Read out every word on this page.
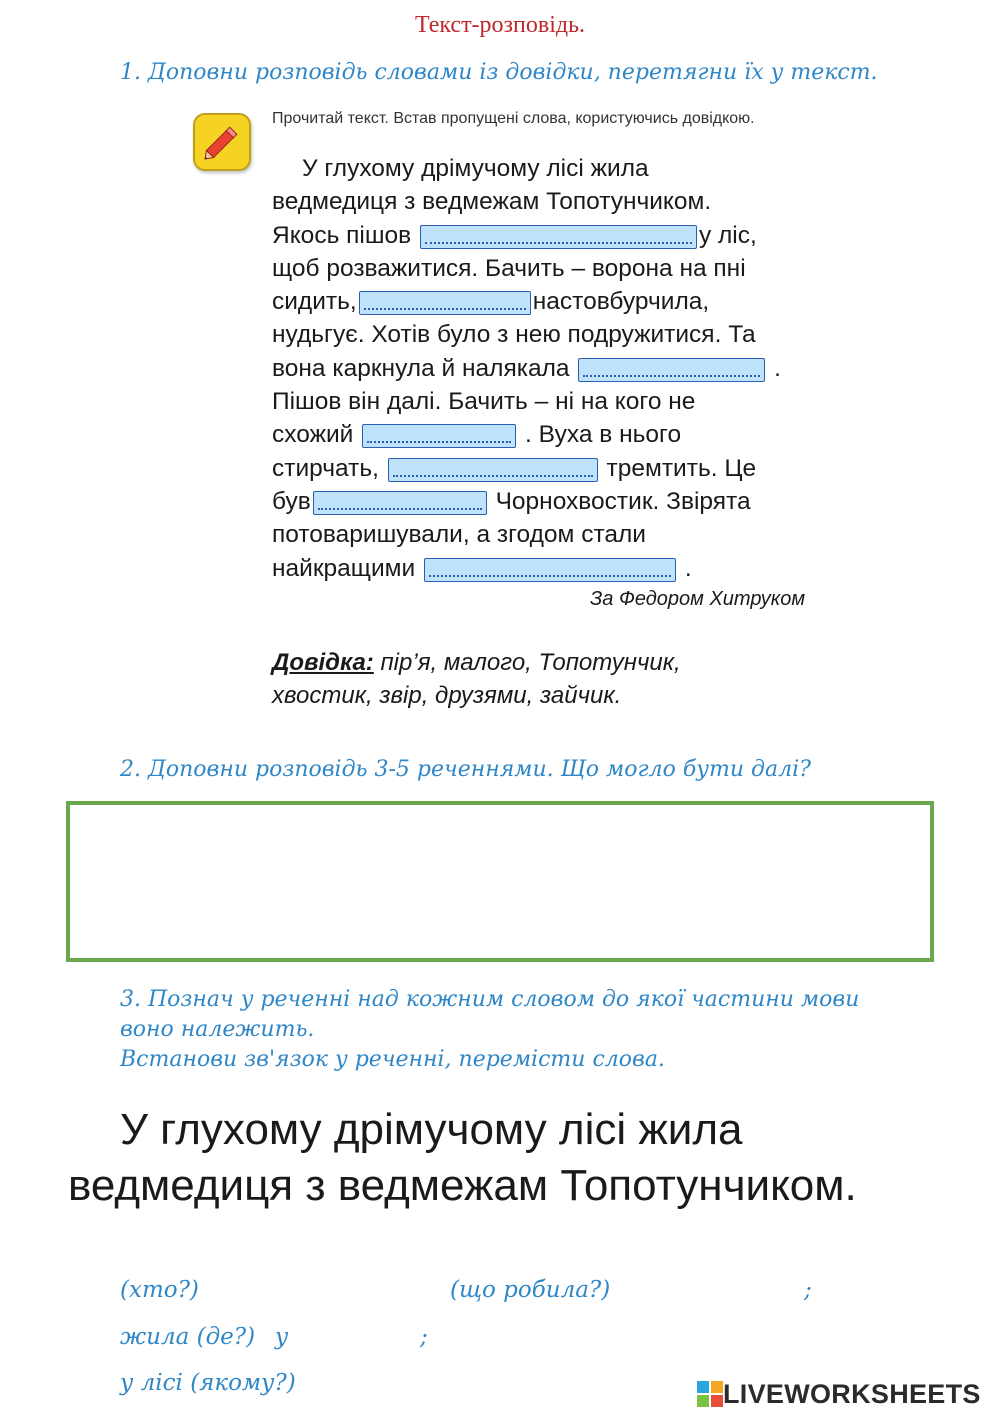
Текст-розповідь.
1. Доповни розповідь словами із довідки, перетягни їх у текст.
Прочитай текст. Встав пропущені слова, користуючись довідкою.
У глухому дрімучому лісі жила
ведмедиця з ведмежам Топотунчиком.
Якось пішов	у ліс,
щоб розважитися. Бачить – ворона на пні
сидить,	настовбурчила,
нудьгує. Хотів було з нею подружитися. Та
вона каркнула й налякала	.
Пішов він далі. Бачить – ні на кого не
схожий	. Вуха в нього
стирчать,	тремтить. Це
був	Чорнохвостик. Звірята
потоваришували, а згодом стали
найкращими	.
За Федором Хитруком
Довідка: пір’я, малого, Топотунчик,
хвостик, звір, друзями, зайчик.
2. Доповни розповідь 3-5 реченнями. Що могло бути далі?
3. Познач у реченні над кожним словом до якої частини мови
воно належить.
Встанови зв'язок у реченні, перемісти слова.
У глухому дрімучому лісі жила
ведмедиця з ведмежам Топотунчиком.
(хто?)	(що робила?)	;
жила (де?) у	;
у лісі (якому?)	LIVEWORKSHEETS
